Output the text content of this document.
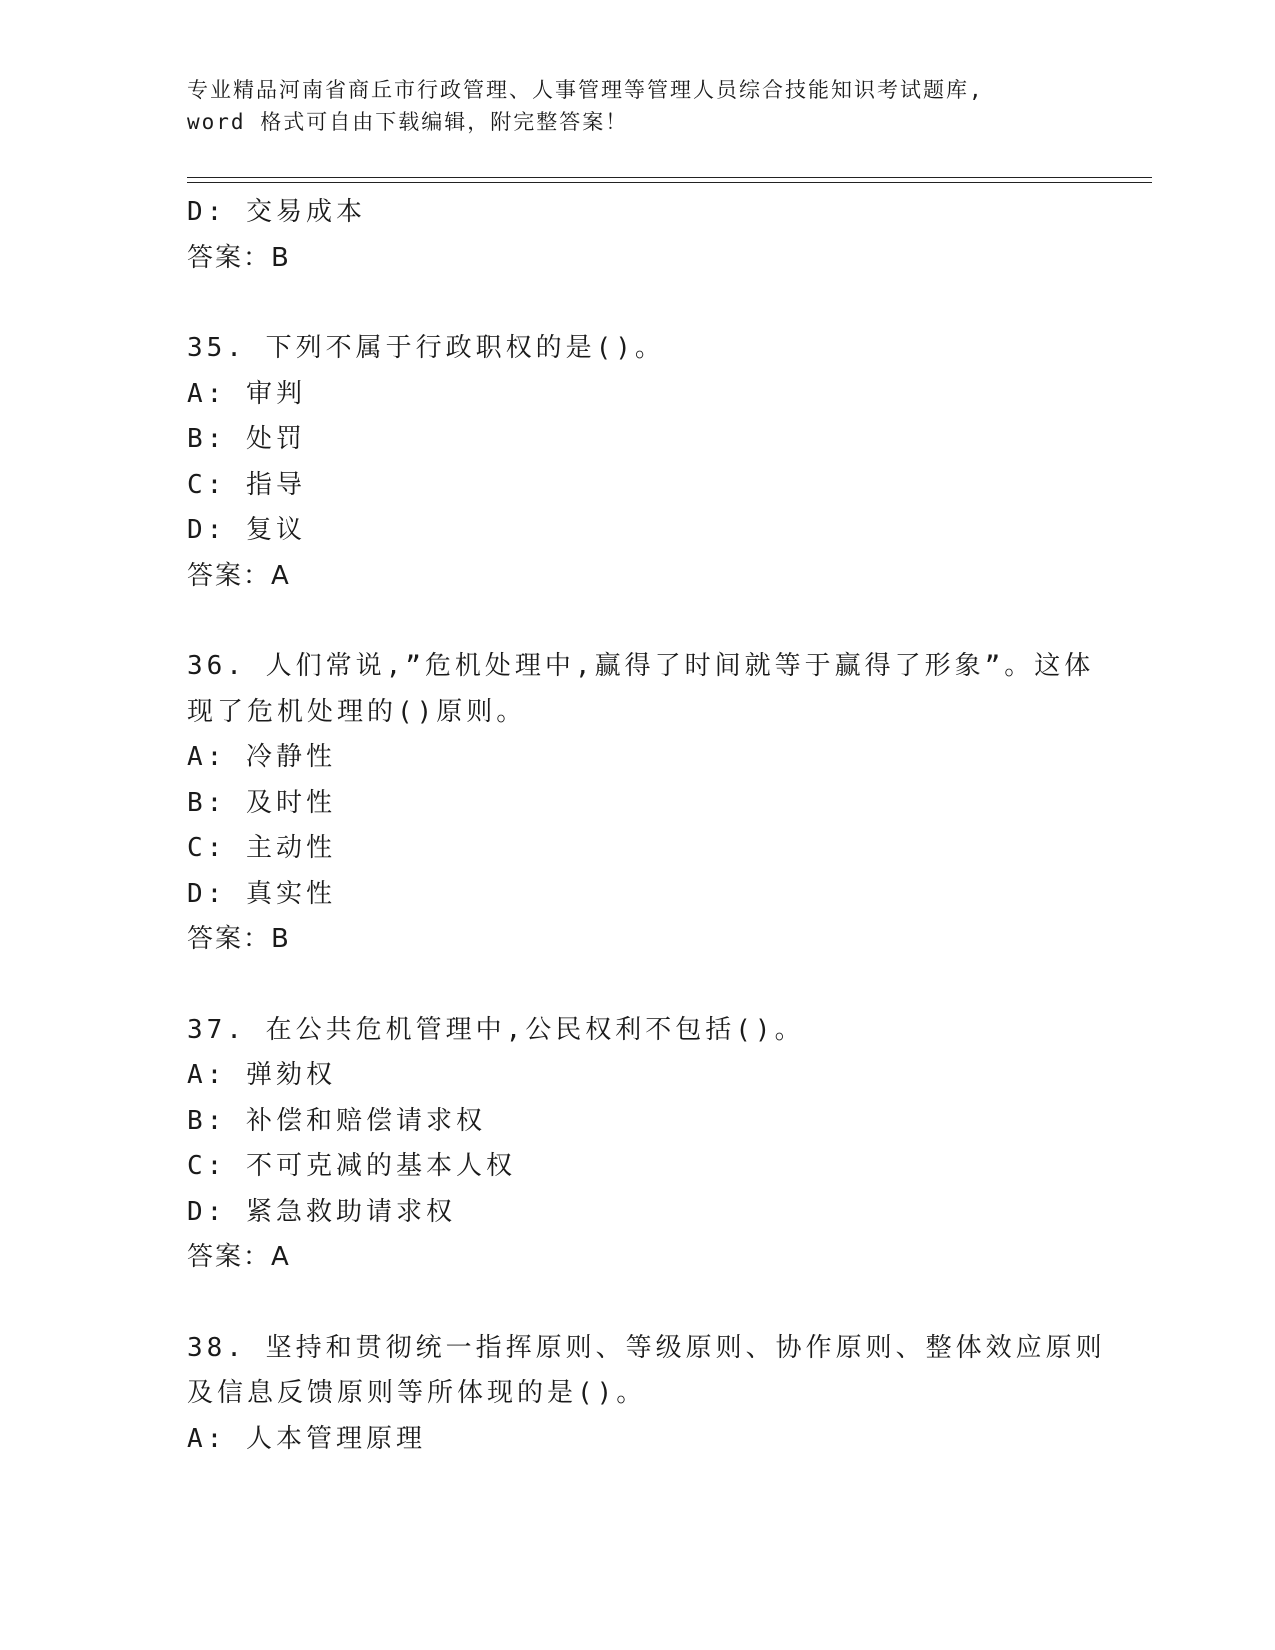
专业精品河南省商丘市行政管理、人事管理等管理人员综合技能知识考试题库,
word 格式可自由下载编辑，附完整答案！
D: 交易成本
答案：B
35. 下列不属于行政职权的是()。
A: 审判
B: 处罚
C: 指导
D: 复议
答案：A
36. 人们常说,”危机处理中,赢得了时间就等于赢得了形象”。这体
现了危机处理的()原则。
A: 冷静性
B: 及时性
C: 主动性
D: 真实性
答案：B
37. 在公共危机管理中,公民权利不包括()。
A: 弹劾权
B: 补偿和赔偿请求权
C: 不可克减的基本人权
D: 紧急救助请求权
答案：A
38. 坚持和贯彻统一指挥原则、等级原则、协作原则、整体效应原则
及信息反馈原则等所体现的是()。
A: 人本管理原理
